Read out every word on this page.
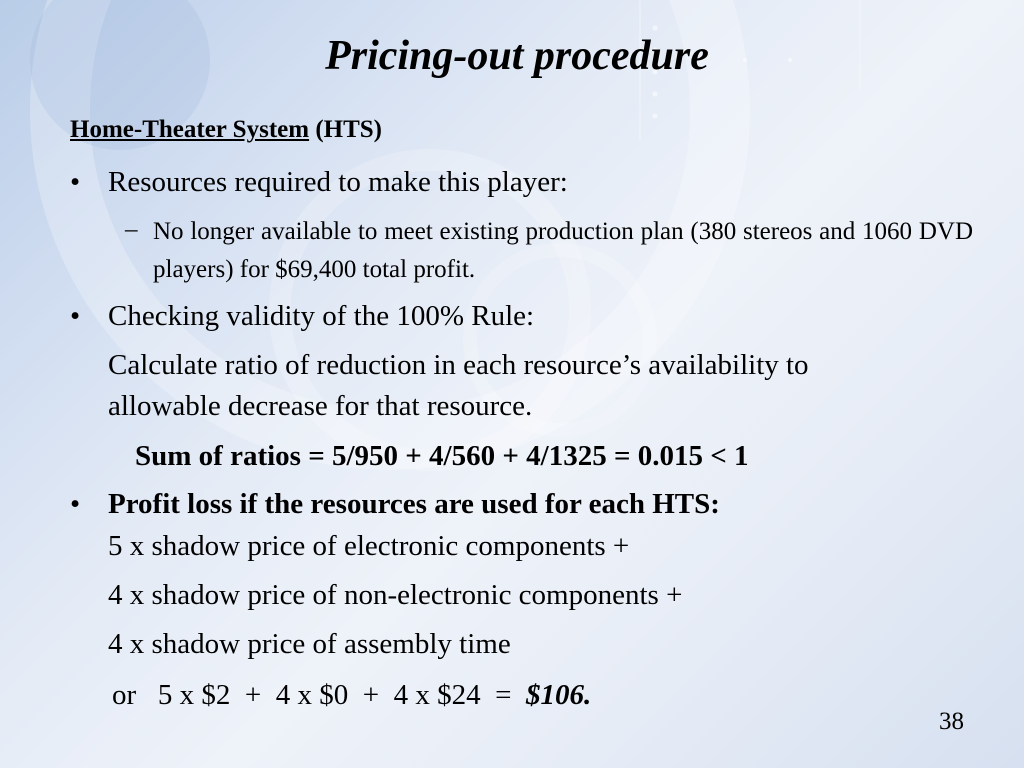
Pricing-out procedure
Home-Theater System (HTS)
• Resources required to make this player:
– No longer available to meet existing production plan (380 stereos and 1060 DVD players) for $69,400 total profit.
• Checking validity of the 100% Rule:
Calculate ratio of reduction in each resource’s availability to
allowable decrease for that resource.
Sum of ratios = 5/950 + 4/560 + 4/1325 = 0.015 < 1
• Profit loss if the resources are used for each HTS:
5 x shadow price of electronic components +
4 x shadow price of non-electronic components +
4 x shadow price of assembly time
or   5 x $2  +  4 x $0  +  4 x $24  =  $106.
38
